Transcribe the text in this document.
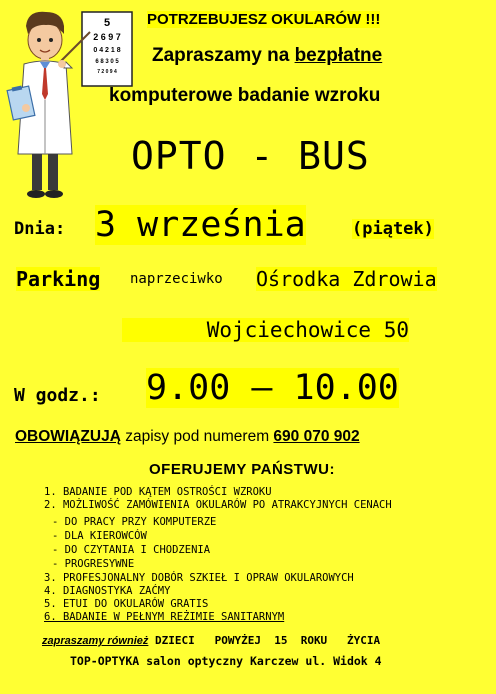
5
2 6 9 7
0 4 2 1 8
6 8 3 0 5
7 2 0 9 4
POTRZEBUJESZ OKULARÓW !!!
Zapraszamy na bezpłatne
komputerowe badanie wzroku
OPTO - BUS
Dnia: 3 września	(piątek)
Parking naprzeciwko Ośrodka Zdrowia
Wojciechowice 50
W godz.: 9.00 – 10.00
OBOWIĄZUJĄ zapisy pod numerem 690 070 902
OFERUJEMY PAŃSTWU:
1. BADANIE POD KĄTEM OSTROŚCI WZROKU
2. MOŻLIWOŚĆ ZAMÓWIENIA OKULARÓW PO ATRAKCYJNYCH CENACH
- DO PRACY PRZY KOMPUTERZE
- DLA KIEROWCÓW
- DO CZYTANIA I CHODZENIA
- PROGRESYWNE
3. PROFESJONALNY DOBÓR SZKIEŁ I OPRAW OKULAROWYCH
4. DIAGNOSTYKA ZAĆMY
5. ETUI DO OKULARÓW GRATIS
6. BADANIE W PEŁNYM REŻIMIE SANITARNYM
zapraszamy również DZIECI   POWYŻEJ  15  ROKU   ŻYCIA
TOP-OPTYKA salon optyczny Karczew ul. Widok 4
